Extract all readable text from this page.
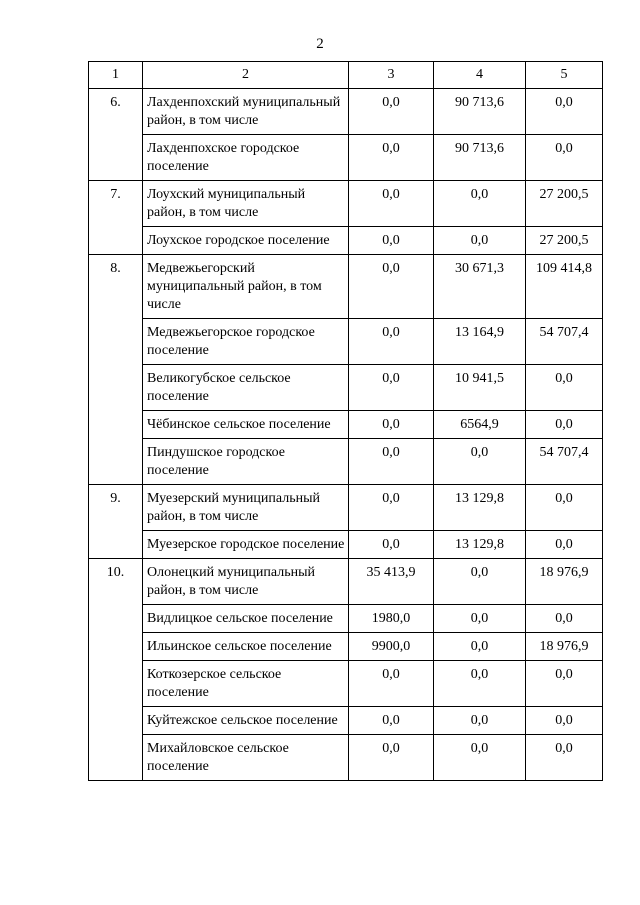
2
1	2	3	4	5
6.	Лахденпохский муниципальный район, в том числе	0,0	90 713,6	0,0
	Лахденпохское городское поселение	0,0	90 713,6	0,0
7.	Лоухский муниципальный район, в том числе	0,0	0,0	27 200,5
	Лоухское городское поселение	0,0	0,0	27 200,5
8.	Медвежьегорский муниципальный район, в том числе	0,0	30 671,3	109 414,8
	Медвежьегорское городское поселение	0,0	13 164,9	54 707,4
	Великогубское сельское поселение	0,0	10 941,5	0,0
	Чёбинское сельское поселение	0,0	6564,9	0,0
	Пиндушское городское поселение	0,0	0,0	54 707,4
9.	Муезерский муниципальный район, в том числе	0,0	13 129,8	0,0
	Муезерское городское поселение	0,0	13 129,8	0,0
10.	Олонецкий муниципальный район, в том числе	35 413,9	0,0	18 976,9
	Видлицкое сельское поселение	1980,0	0,0	0,0
	Ильинское сельское поселение	9900,0	0,0	18 976,9
	Коткозерское сельское поселение	0,0	0,0	0,0
	Куйтежское сельское поселение	0,0	0,0	0,0
	Михайловское сельское поселение	0,0	0,0	0,0
